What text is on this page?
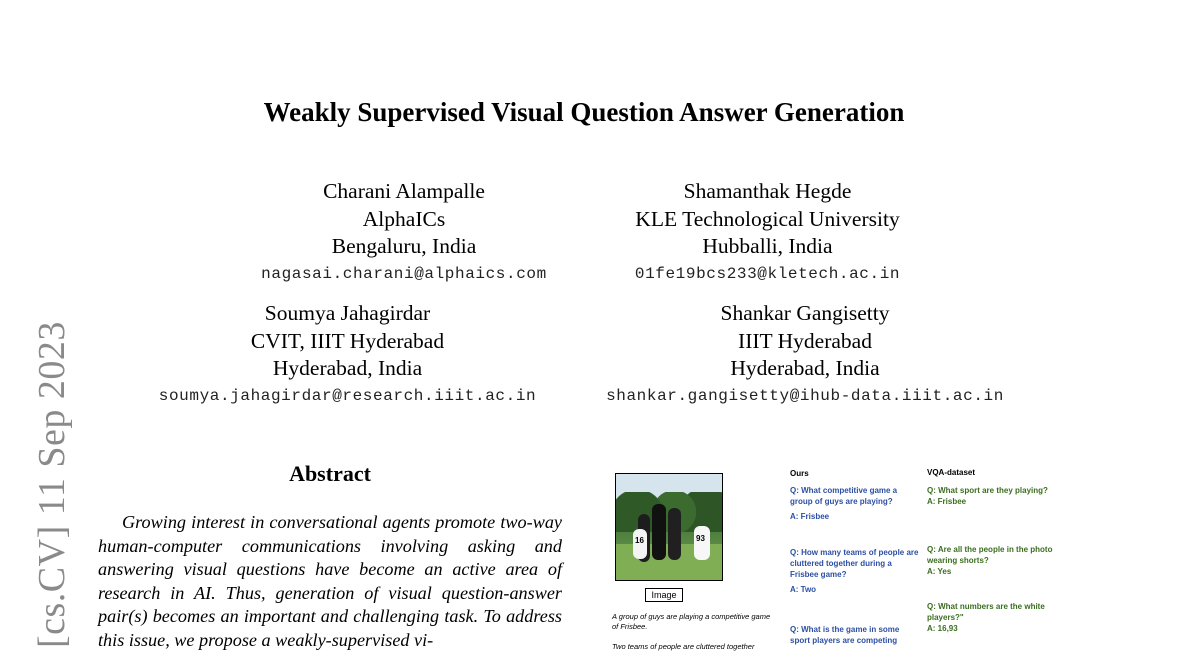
[cs.CV] 11 Sep 2023
Weakly Supervised Visual Question Answer Generation
Charani Alampalle
AlphaICs
Bengaluru, India
nagasai.charani@alphaics.com
Shamanthak Hegde
KLE Technological University
Hubballi, India
01fe19bcs233@kletech.ac.in
Soumya Jahagirdar
CVIT, IIIT Hyderabad
Hyderabad, India
soumya.jahagirdar@research.iiit.ac.in
Shankar Gangisetty
IIIT Hyderabad
Hyderabad, India
shankar.gangisetty@ihub-data.iiit.ac.in
Abstract
Growing interest in conversational agents promote two-way human-computer communications involving asking and answering visual questions have become an active area of research in AI. Thus, generation of visual question-answer pair(s) becomes an important and challenging task. To address this issue, we propose a weakly-supervised vi-
16	93
Image
A group of guys are playing a competitive game of Frisbee.
Two teams of people are cluttered together
Ours	VQA-dataset
Q: What competitive game a group of guys are playing?
A: Frisbee
Q: How many teams of people are cluttered together during a Frisbee game?
A: Two
Q: What is the game in some sport players are competing
Q: What sport are they playing?
A: Frisbee
Q: Are all the people in the photo wearing shorts?
A: Yes
Q: What numbers are the white players?"
A: 16,93
